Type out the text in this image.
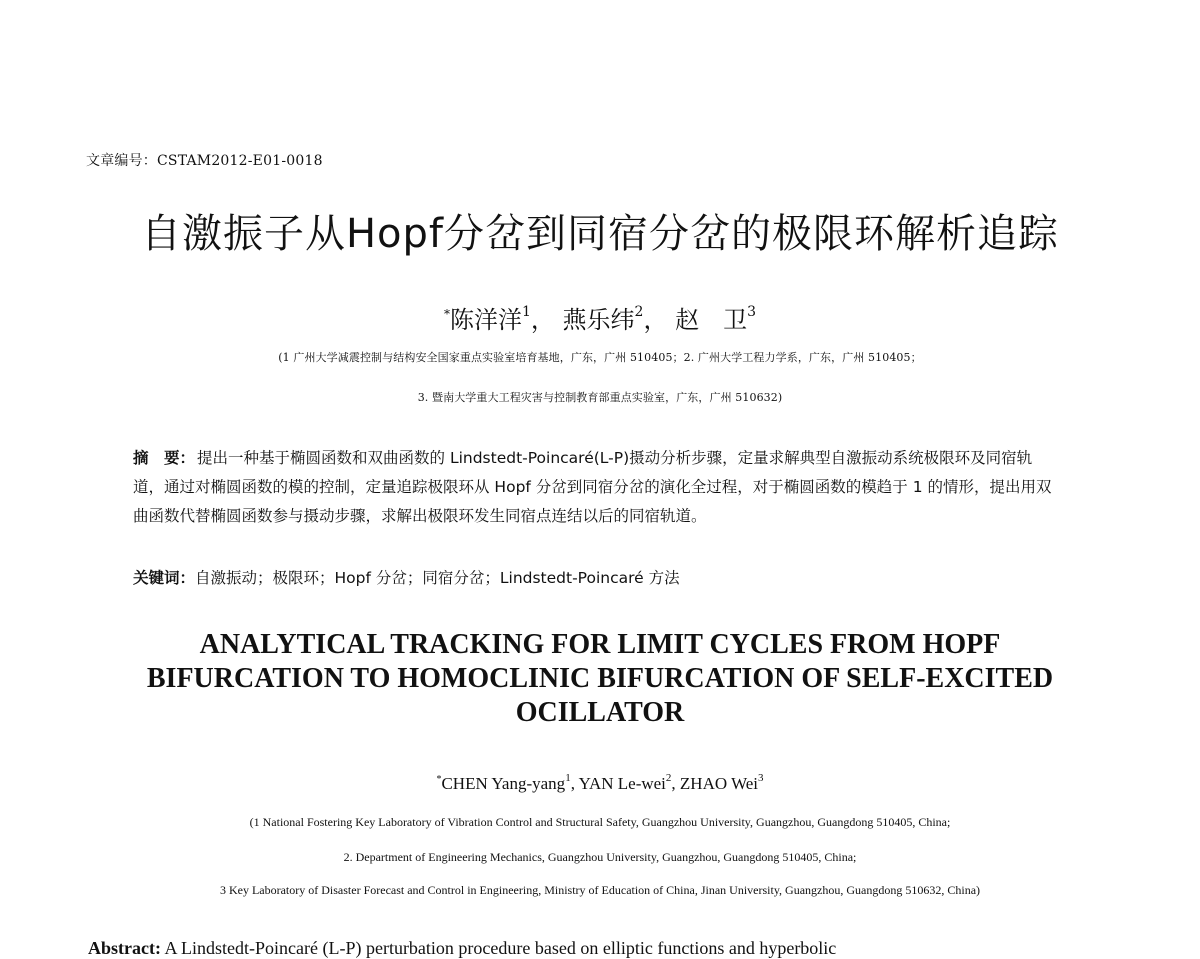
文章编号：CSTAM2012-E01-0018
自激振子从Hopf分岔到同宿分岔的极限环解析追踪
*陈洋洋$^1$， 燕乐纬$^2$， 赵　卫$^3$
(1 广州大学减震控制与结构安全国家重点实验室培育基地，广东，广州 510405；2. 广州大学工程力学系，广东，广州 510405；
3. 暨南大学重大工程灾害与控制教育部重点实验室，广东，广州 510632)
摘　要： 提出一种基于椭圆函数和双曲函数的 Lindstedt-Poincaré(L-P)摄动分析步骤，定量求解典型自激振动系统极限环及同宿轨道，通过对椭圆函数的模的控制，定量追踪极限环从 Hopf 分岔到同宿分岔的演化全过程，对于椭圆函数的模趋于 1 的情形，提出用双曲函数代替椭圆函数参与摄动步骤，求解出极限环发生同宿点连结以后的同宿轨道。
关键词：自激振动；极限环；Hopf 分岔；同宿分岔；Lindstedt-Poincaré 方法
ANALYTICAL TRACKING FOR LIMIT CYCLES FROM HOPF
BIFURCATION TO HOMOCLINIC BIFURCATION OF SELF-EXCITED
OCILLATOR
*CHEN Yang-yang$^1$, YAN Le-wei$^2$, ZHAO Wei$^3$
(1 National Fostering Key Laboratory of Vibration Control and Structural Safety, Guangzhou University, Guangzhou, Guangdong 510405, China;
2. Department of Engineering Mechanics, Guangzhou University, Guangzhou, Guangdong 510405, China;
3 Key Laboratory of Disaster Forecast and Control in Engineering, Ministry of Education of China, Jinan University, Guangzhou, Guangdong 510632, China)
Abstract: A Lindstedt-Poincaré (L-P) perturbation procedure based on elliptic functions and hyperbolic
